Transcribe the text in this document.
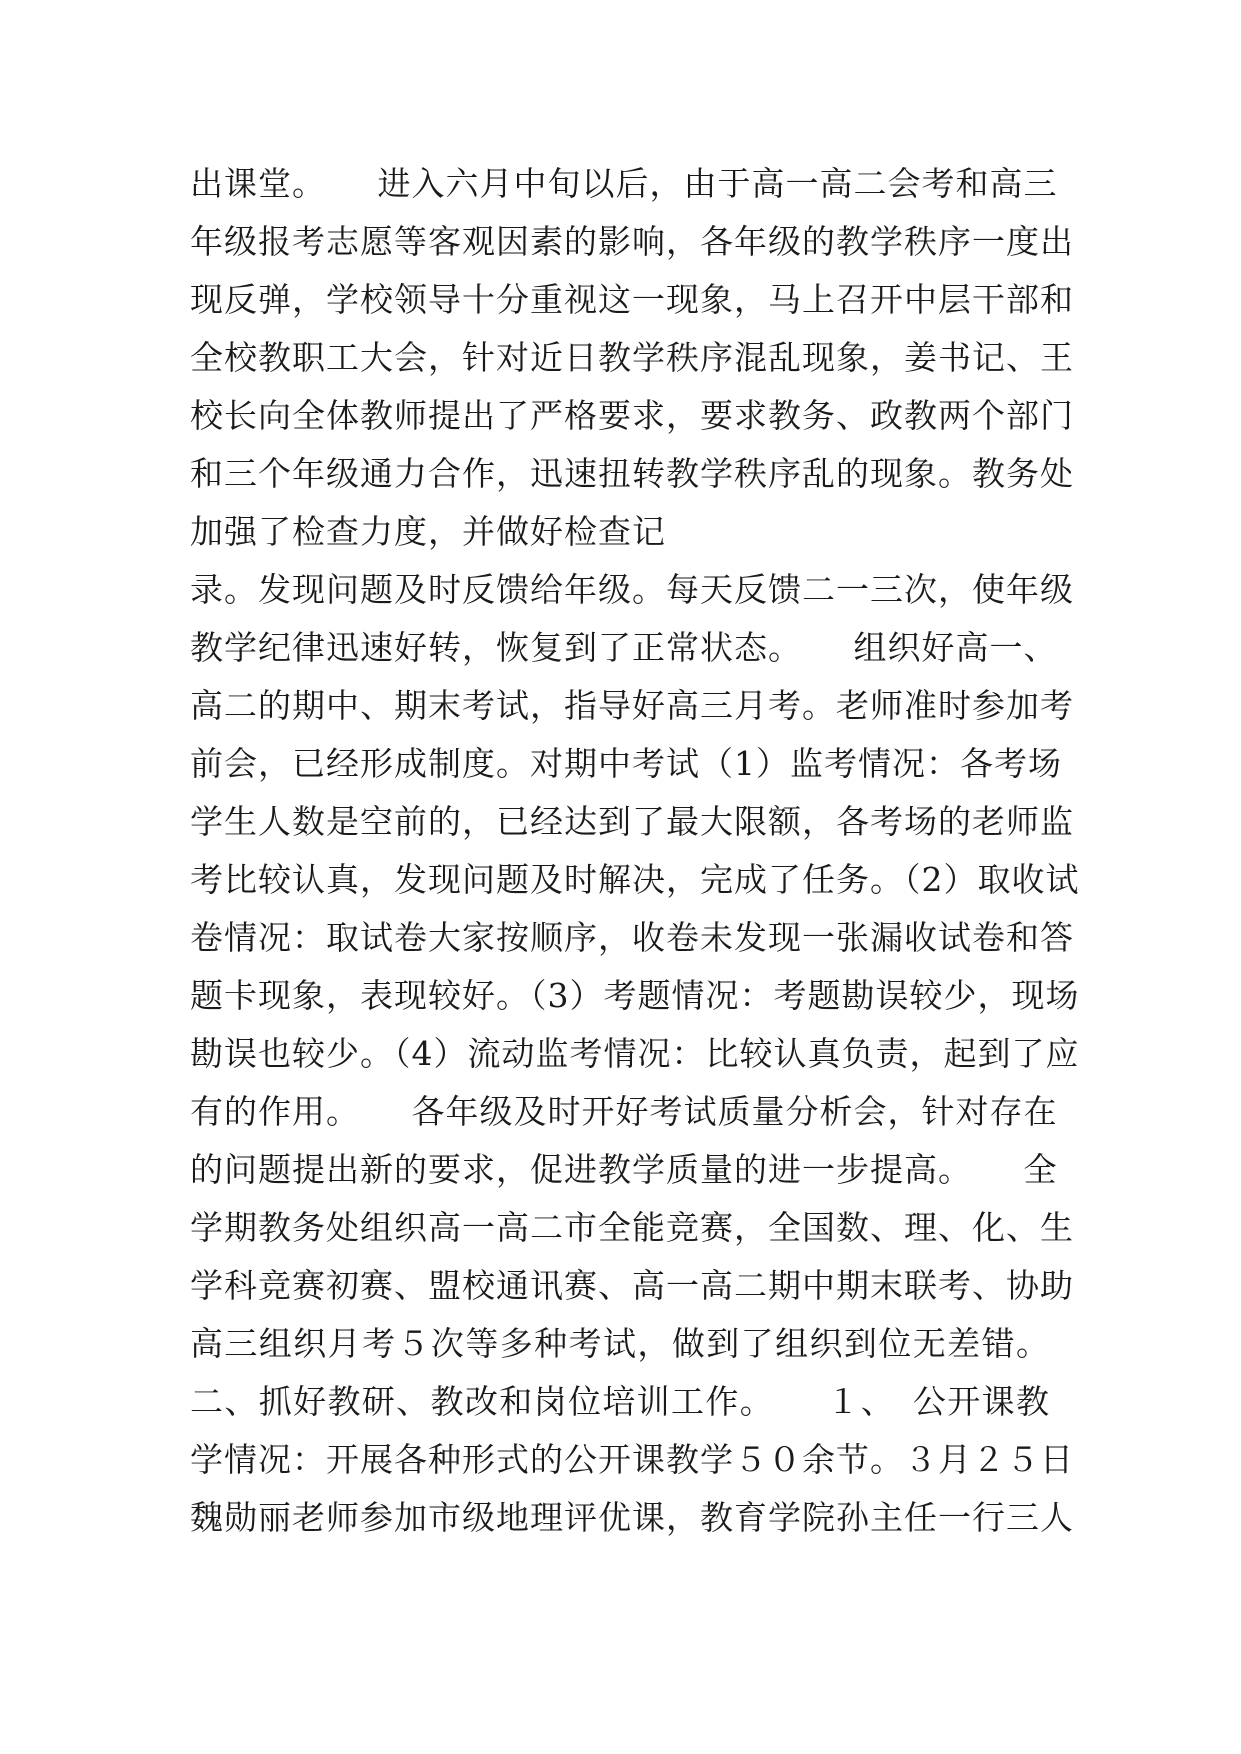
出课堂。　　进入六月中旬以后，由于高一高二会考和高三
年级报考志愿等客观因素的影响，各年级的教学秩序一度出
现反弹，学校领导十分重视这一现象，马上召开中层干部和
全校教职工大会，针对近日教学秩序混乱现象，姜书记、王
校长向全体教师提出了严格要求，要求教务、政教两个部门
和三个年级通力合作，迅速扭转教学秩序乱的现象。教务处
加强了检查力度，并做好检查记
录。发现问题及时反馈给年级。每天反馈二一三次，使年级
教学纪律迅速好转，恢复到了正常状态。　　组织好高一、
高二的期中、期末考试，指导好高三月考。老师准时参加考
前会，已经形成制度。对期中考试（1）监考情况：各考场
学生人数是空前的，已经达到了最大限额，各考场的老师监
考比较认真，发现问题及时解决，完成了任务。（2）取收试
卷情况：取试卷大家按顺序，收卷未发现一张漏收试卷和答
题卡现象，表现较好。（3）考题情况：考题勘误较少，现场
勘误也较少。（4）流动监考情况：比较认真负责，起到了应
有的作用。　　各年级及时开好考试质量分析会，针对存在
的问题提出新的要求，促进教学质量的进一步提高。　　全
学期教务处组织高一高二市全能竞赛，全国数、理、化、生
学科竞赛初赛、盟校通讯赛、高一高二期中期末联考、协助
高三组织月考５次等多种考试，做到了组织到位无差错。
二、抓好教研、教改和岗位培训工作。　　１、　公开课教
学情况：开展各种形式的公开课教学５０余节。３月２５日
魏勋丽老师参加市级地理评优课，教育学院孙主任一行三人
